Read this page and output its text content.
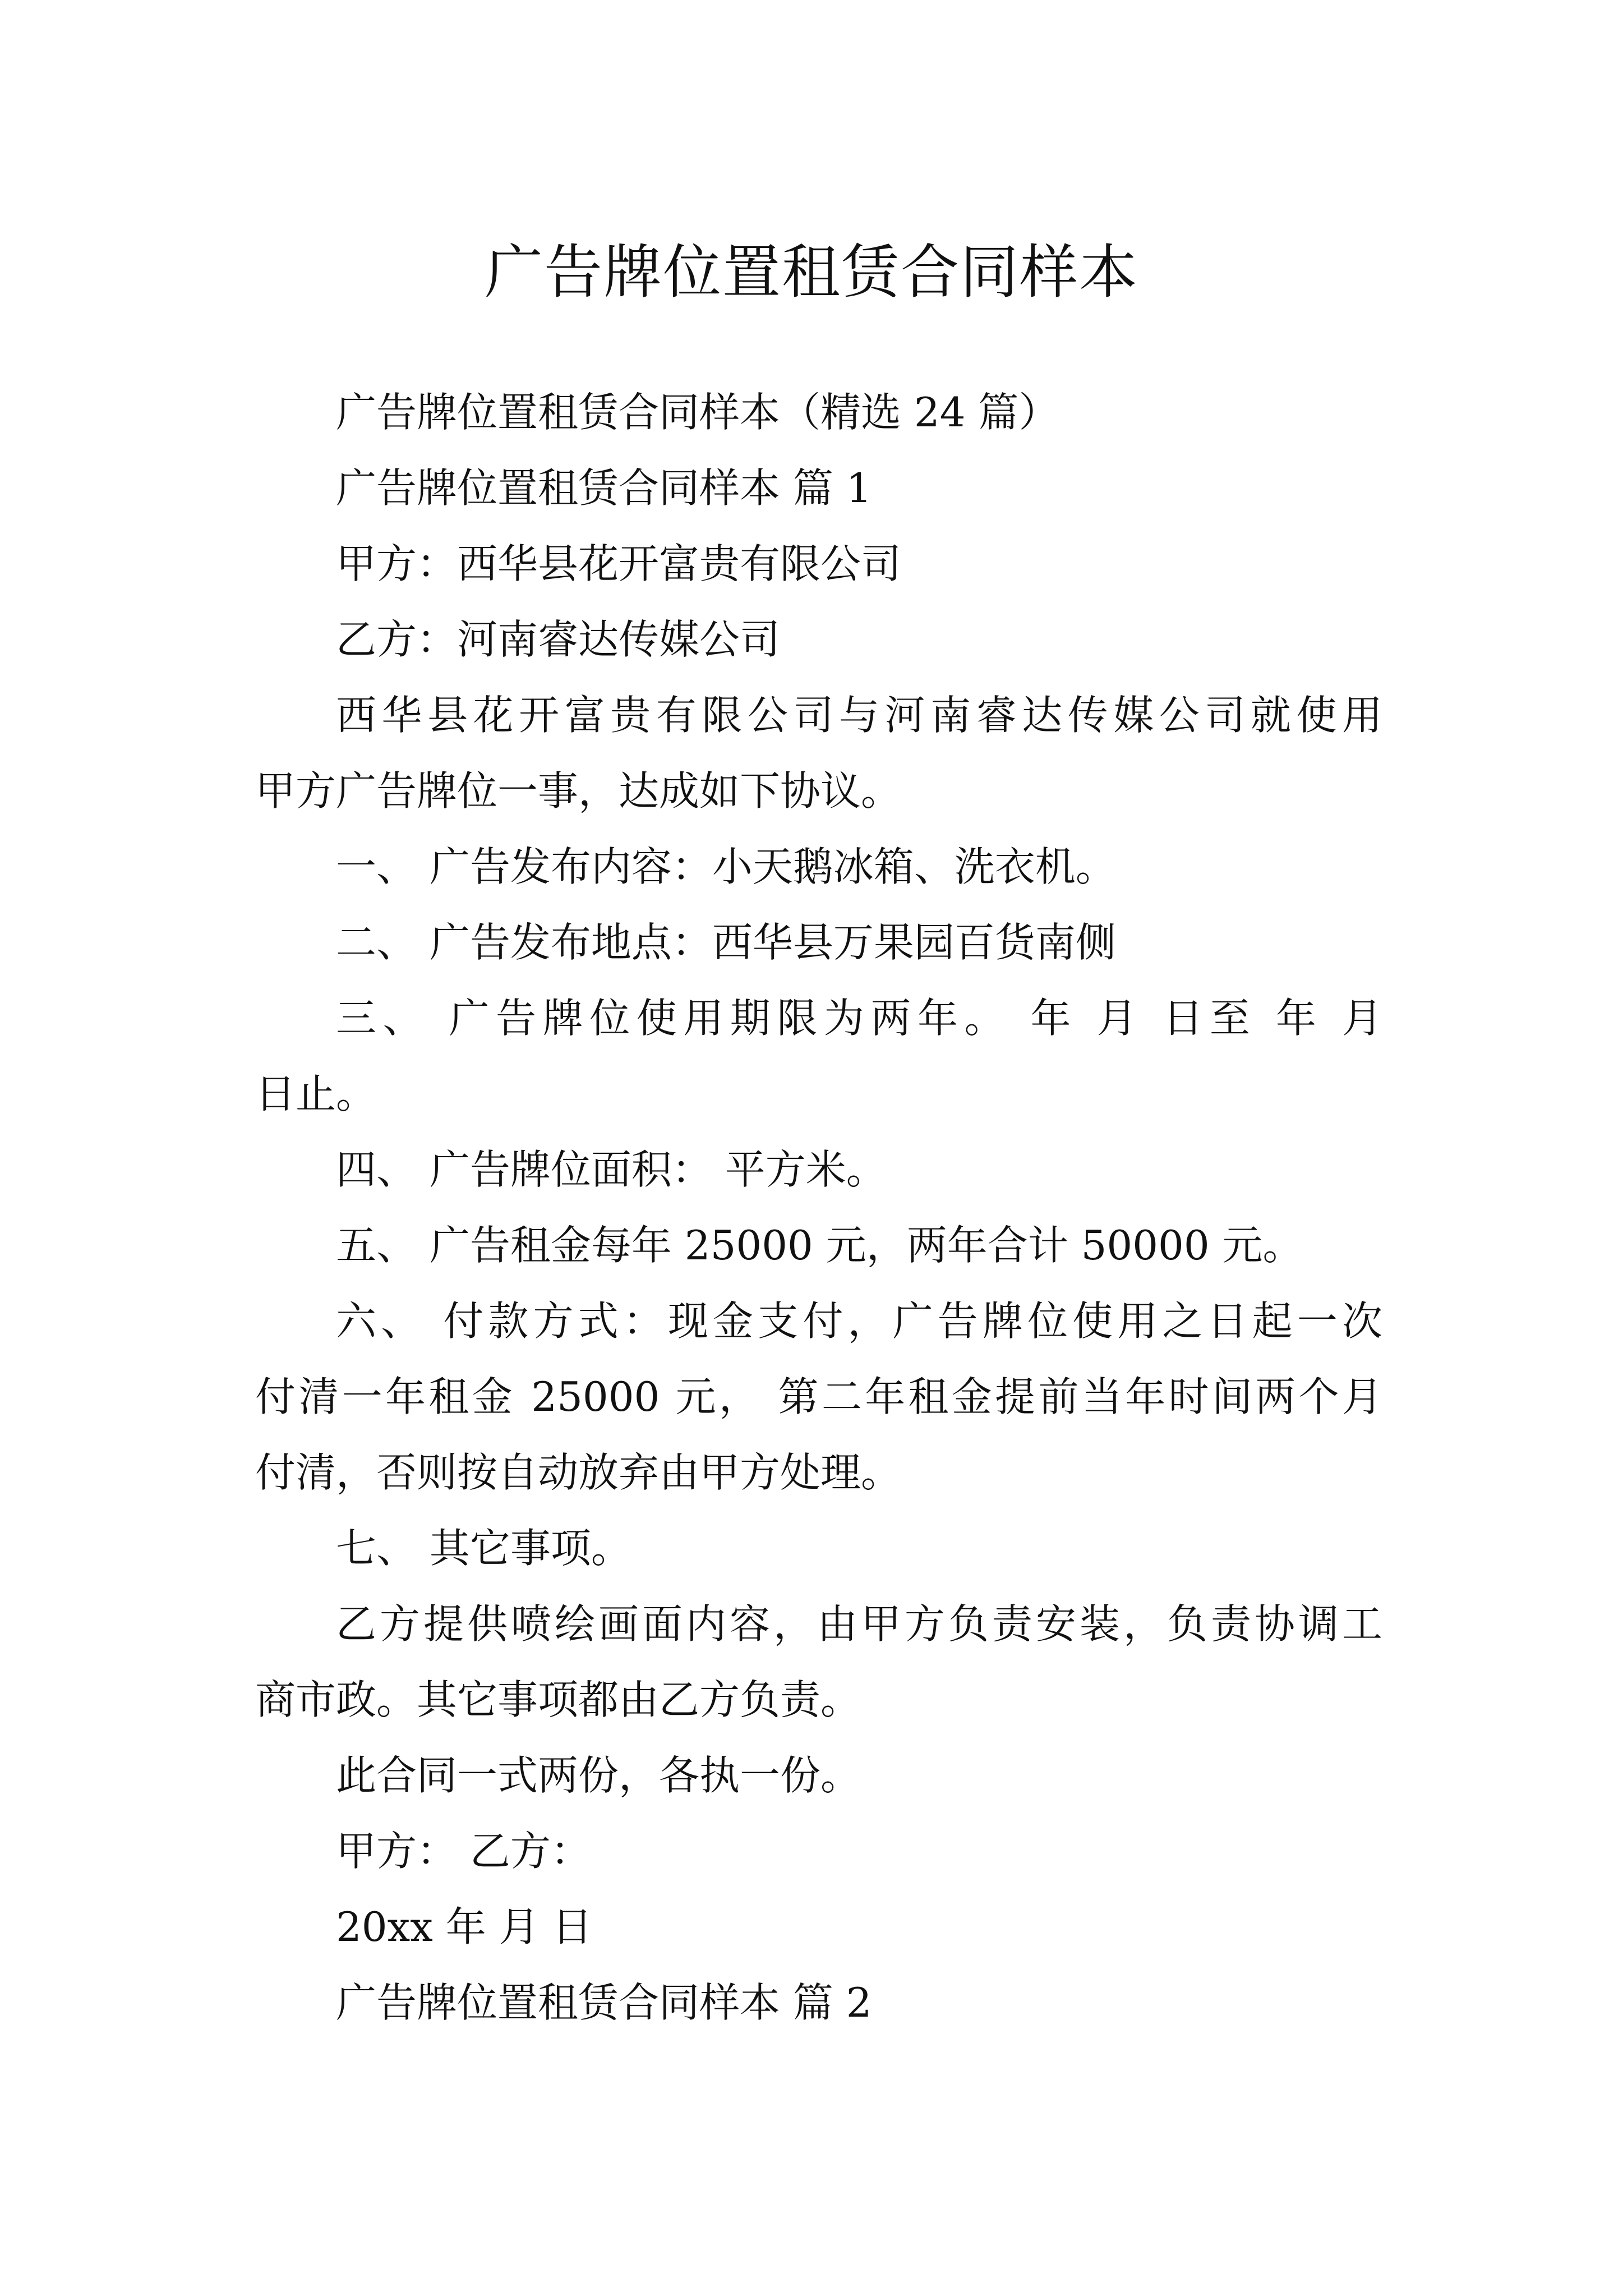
广告牌位置租赁合同样本
广告牌位置租赁合同样本（精选 24 篇）
广告牌位置租赁合同样本 篇 1
甲方：西华县花开富贵有限公司
乙方：河南睿达传媒公司
西华县花开富贵有限公司与河南睿达传媒公司就使用
甲方广告牌位一事，达成如下协议。
一、 广告发布内容：小天鹅冰箱、洗衣机。
二、 广告发布地点：西华县万果园百货南侧
三、 广告牌位使用期限为两年。 年 月 日至 年 月
日止。
四、 广告牌位面积： 平方米。
五、 广告租金每年 25000 元，两年合计 50000 元。
六、 付款方式：现金支付，广告牌位使用之日起一次
付清一年租金 25000 元， 第二年租金提前当年时间两个月
付清，否则按自动放弃由甲方处理。
七、 其它事项。
乙方提供喷绘画面内容，由甲方负责安装，负责协调工
商市政。其它事项都由乙方负责。
此合同一式两份，各执一份。
甲方： 乙方：
20xx 年 月 日
广告牌位置租赁合同样本 篇 2
